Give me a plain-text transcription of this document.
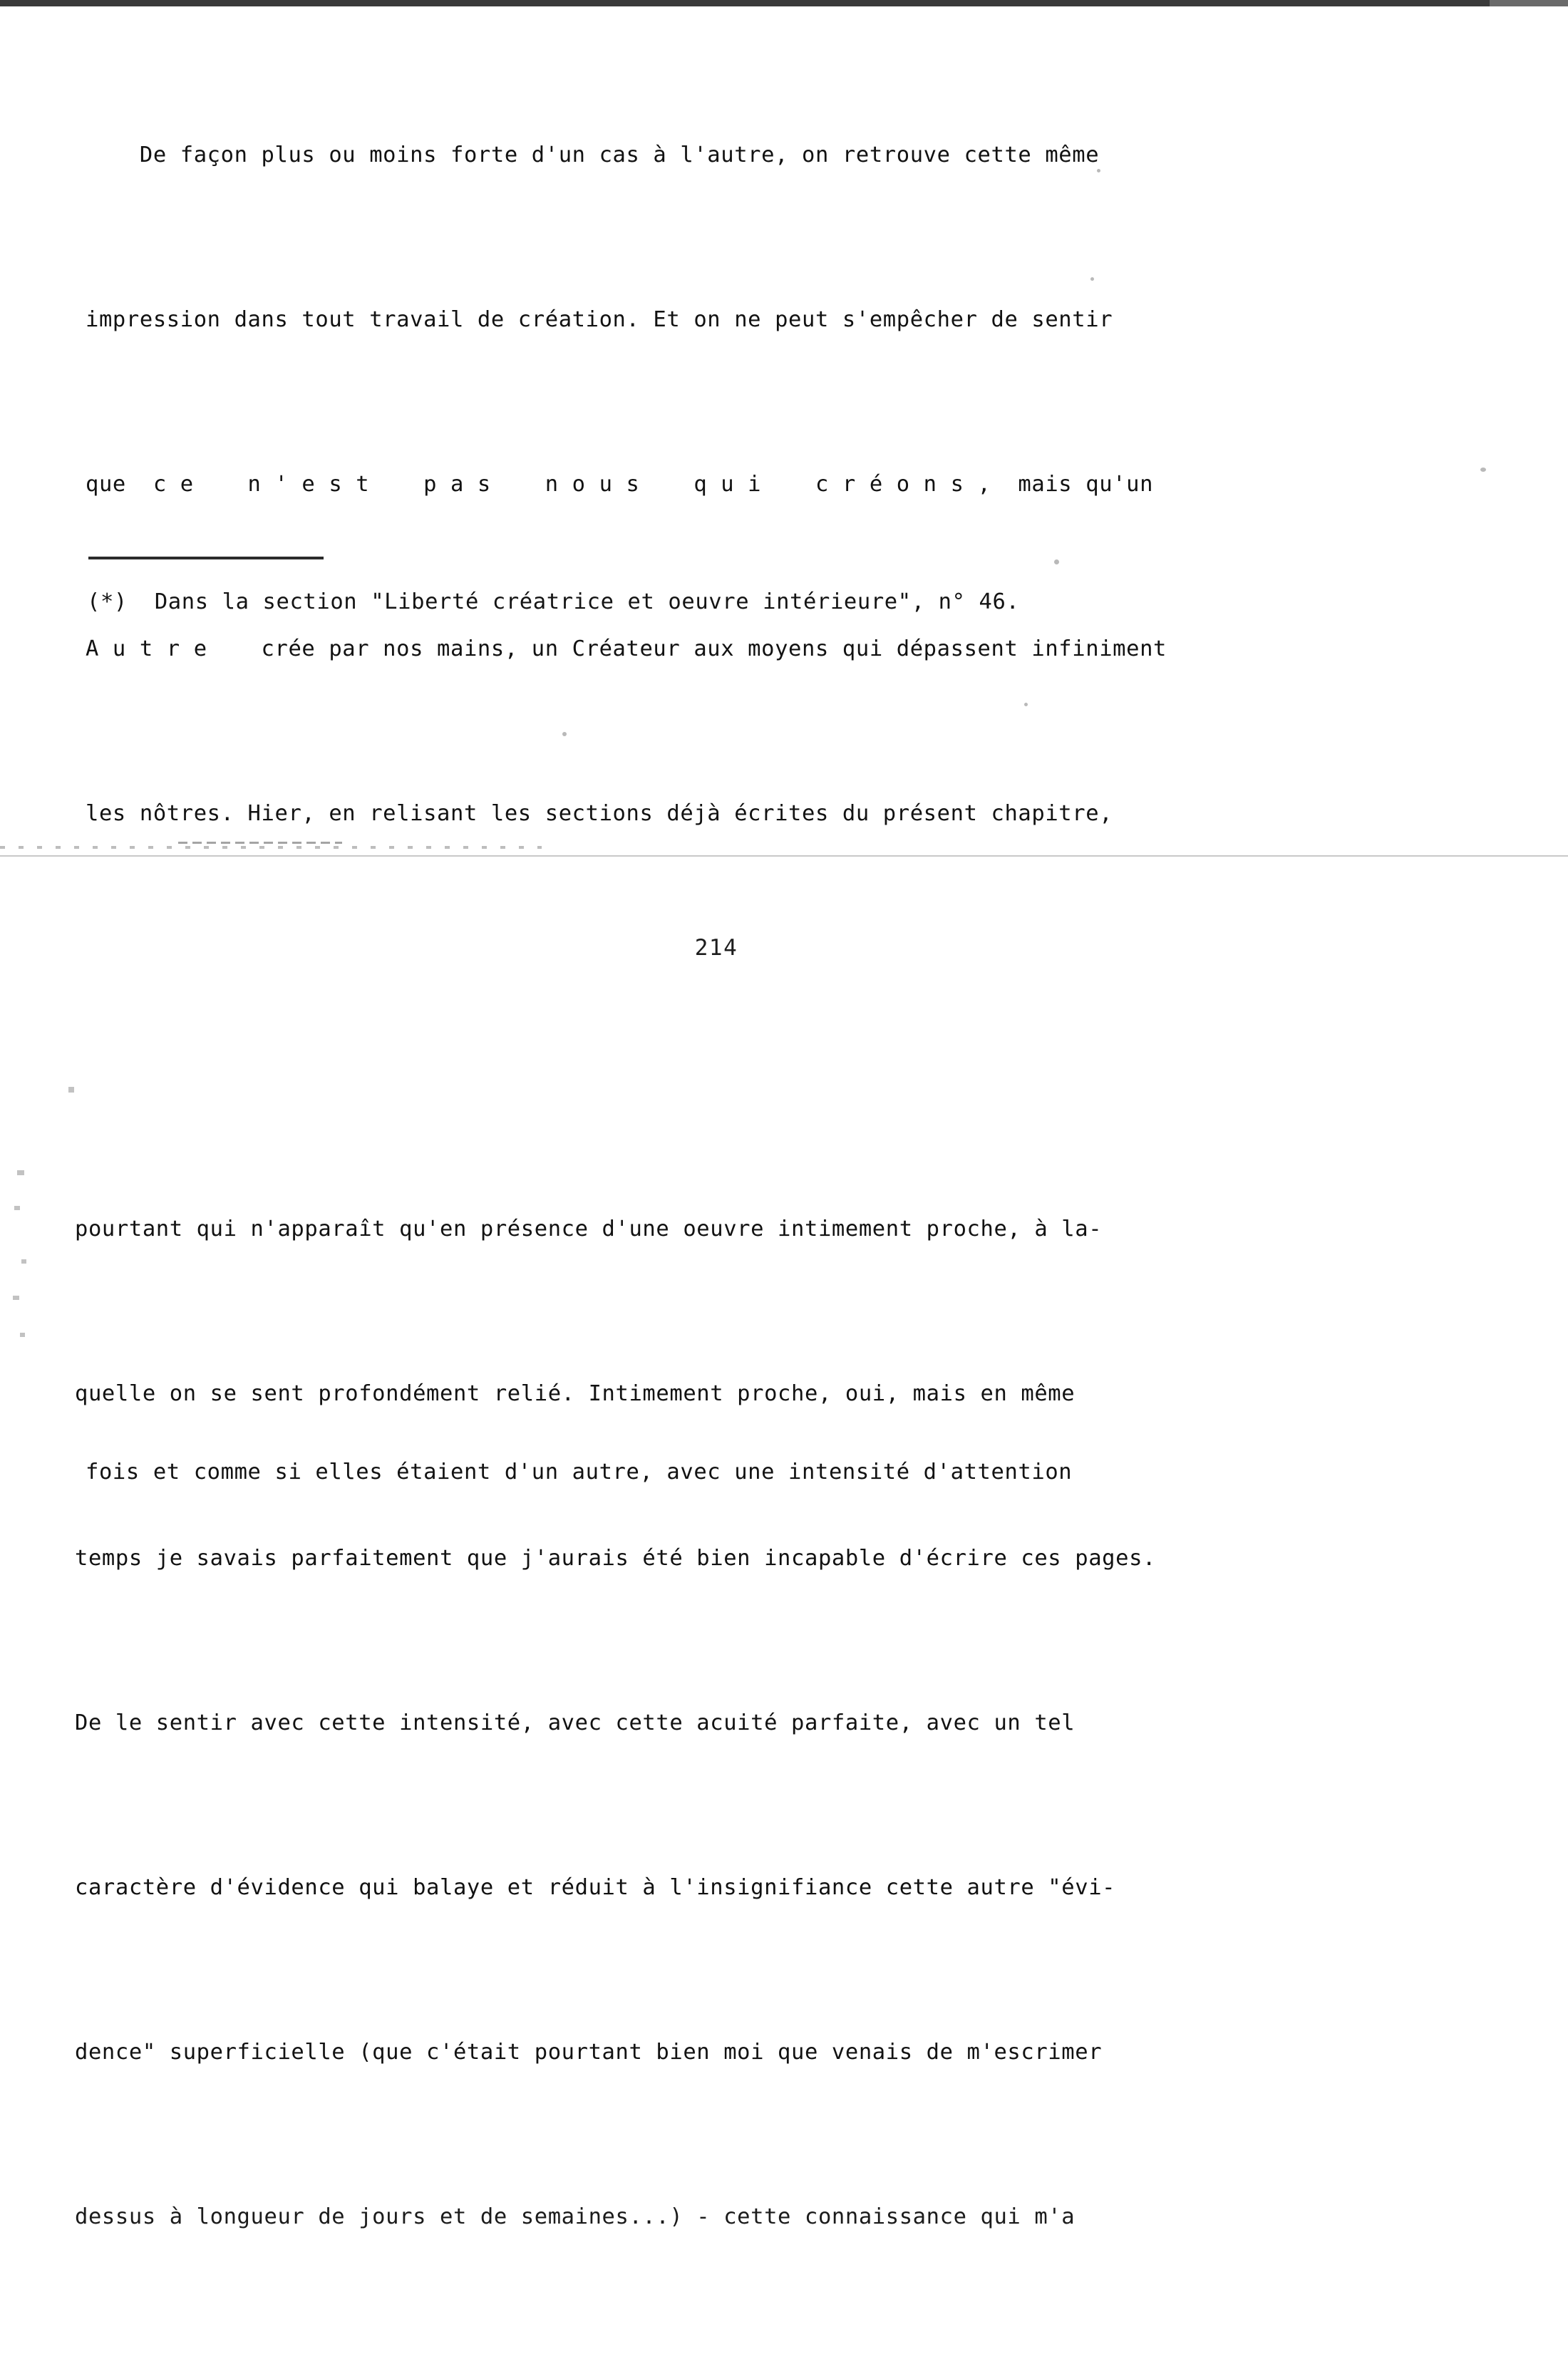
De façon plus ou moins forte d'un cas à l'autre, on retrouve cette même

impression dans tout travail de création. Et on ne peut s'empêcher de sentir

que  c e    n ' e s t    p a s    n o u s    q u i    c r é o n s ,  mais qu'un

A u t r e    crée par nos mains, un Créateur aux moyens qui dépassent infiniment

les nôtres. Hier, en relisant les sections déjà écrites du présent chapitre,

fois et comme si elles étaient d'un autre, avec une intensité d'attention

(*)  Dans la section "Liberté créatrice et oeuvre intérieure", n° 46.
214

pourtant qui n'apparaît qu'en présence d'une oeuvre intimement proche, à la-

quelle on se sent profondément relié. Intimement proche, oui, mais en même

temps je savais parfaitement que j'aurais été bien incapable d'écrire ces pages.

De le sentir avec cette intensité, avec cette acuité parfaite, avec un tel

caractère d'évidence qui balaye et réduit à l'insignifiance cette autre "évi-

dence" superficielle (que c'était pourtant bien moi que venais de m'escrimer

dessus à longueur de jours et de semaines...) - cette connaissance qui m'a
